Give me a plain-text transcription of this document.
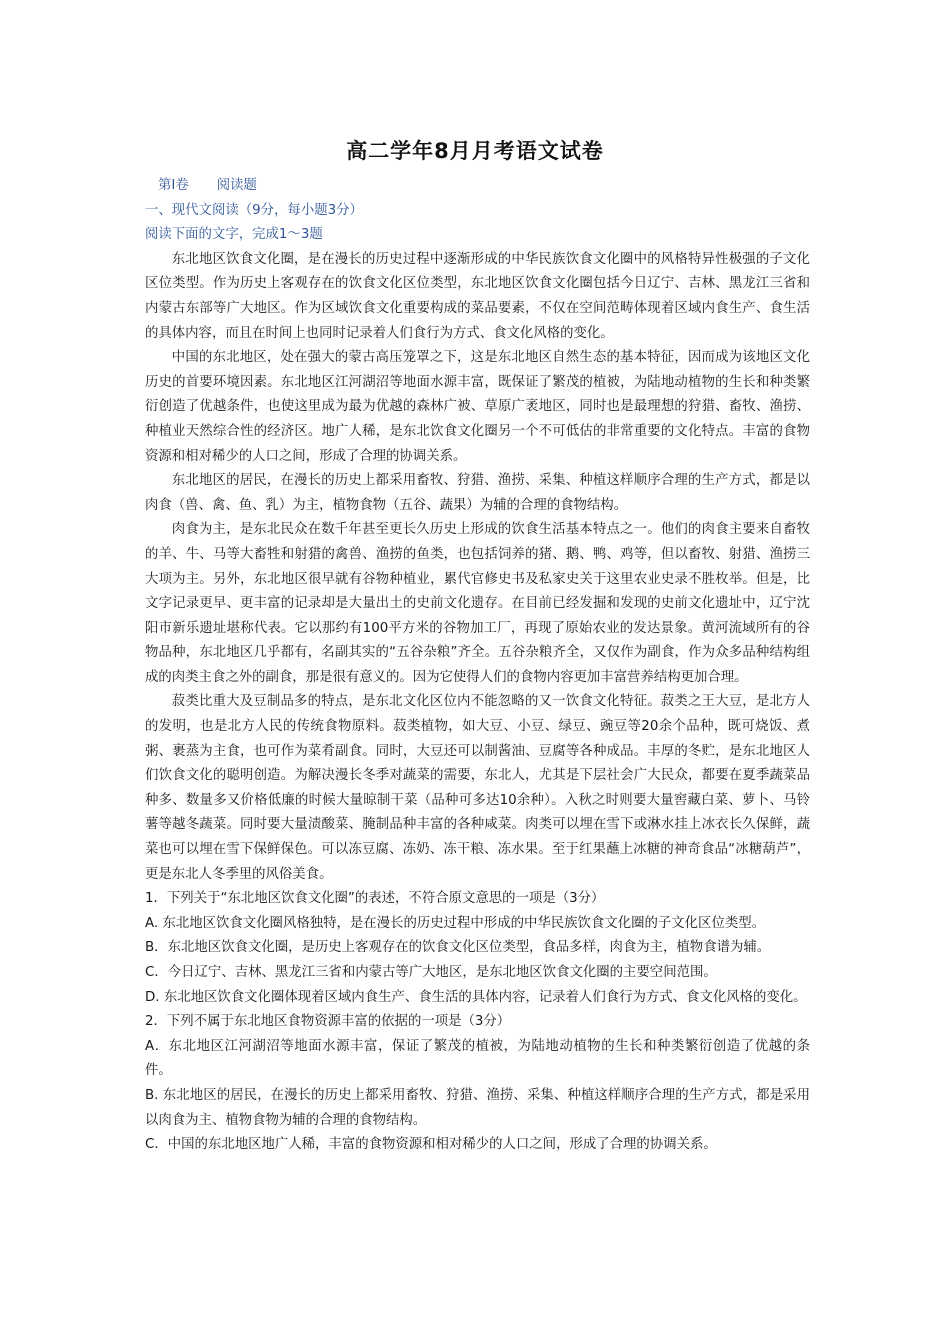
高二学年8月月考语文试卷

第Ⅰ卷 阅读题

一、现代文阅读（9分，每小题3分）

阅读下面的文字，完成1～3题

东北地区饮食文化圈，是在漫长的历史过程中逐渐形成的中华民族饮食文化圈中的风格特异性极强的子文化区位类型。作为历史上客观存在的饮食文化区位类型，东北地区饮食文化圈包括今日辽宁、吉林、黑龙江三省和内蒙古东部等广大地区。作为区域饮食文化重要构成的菜品要素，不仅在空间范畴体现着区域内食生产、食生活的具体内容，而且在时间上也同时记录着人们食行为方式、食文化风格的变化。

中国的东北地区，处在强大的蒙古高压笼罩之下，这是东北地区自然生态的基本特征，因而成为该地区文化历史的首要环境因素。东北地区江河湖沼等地面水源丰富，既保证了繁茂的植被，为陆地动植物的生长和种类繁衍创造了优越条件，也使这里成为最为优越的森林广被、草原广袤地区，同时也是最理想的狩猎、畜牧、渔捞、种植业天然综合性的经济区。地广人稀，是东北饮食文化圈另一个不可低估的非常重要的文化特点。丰富的食物资源和相对稀少的人口之间，形成了合理的协调关系。

东北地区的居民，在漫长的历史上都采用畜牧、狩猎、渔捞、采集、种植这样顺序合理的生产方式，都是以肉食（兽、禽、鱼、乳）为主，植物食物（五谷、蔬果）为辅的合理的食物结构。

肉食为主，是东北民众在数千年甚至更长久历史上形成的饮食生活基本特点之一。他们的肉食主要来自畜牧的羊、牛、马等大畜牲和射猎的禽兽、渔捞的鱼类，也包括饲养的猪、鹅、鸭、鸡等，但以畜牧、射猎、渔捞三大项为主。另外，东北地区很早就有谷物种植业，累代官修史书及私家史关于这里农业史录不胜枚举。但是，比文字记录更早、更丰富的记录却是大量出土的史前文化遗存。在目前已经发掘和发现的史前文化遗址中，辽宁沈阳市新乐遗址堪称代表。它以那约有100平方米的谷物加工厂，再现了原始农业的发达景象。黄河流域所有的谷物品种，东北地区几乎都有，名副其实的“五谷杂粮”齐全。五谷杂粮齐全，又仅作为副食，作为众多品种结构组成的肉类主食之外的副食，那是很有意义的。因为它使得人们的食物内容更加丰富营养结构更加合理。

菽类比重大及豆制品多的特点，是东北文化区位内不能忽略的又一饮食文化特征。菽类之王大豆，是北方人的发明，也是北方人民的传统食物原料。菽类植物，如大豆、小豆、绿豆、豌豆等20余个品种，既可烧饭、煮粥、裹蒸为主食，也可作为菜肴副食。同时，大豆还可以制酱油、豆腐等各种成品。丰厚的冬贮，是东北地区人们饮食文化的聪明创造。为解决漫长冬季对蔬菜的需要，东北人，尤其是下层社会广大民众，都要在夏季蔬菜品种多、数量多又价格低廉的时候大量晾制干菜（品种可多达10余种）。入秋之时则要大量窖藏白菜、萝卜、马铃薯等越冬蔬菜。同时要大量渍酸菜、腌制品种丰富的各种咸菜。肉类可以埋在雪下或淋水挂上冰衣长久保鲜，蔬菜也可以埋在雪下保鲜保色。可以冻豆腐、冻奶、冻干粮、冻水果。至于红果蘸上冰糖的神奇食品“冰糖葫芦”，更是东北人冬季里的风俗美食。

1．下列关于“东北地区饮食文化圈”的表述，不符合原文意思的一项是（3分）

A. 东北地区饮食文化圈风格独特，是在漫长的历史过程中形成的中华民族饮食文化圈的子文化区位类型。

B．东北地区饮食文化圈，是历史上客观存在的饮食文化区位类型，食品多样，肉食为主，植物食谱为辅。

C．今日辽宁、吉林、黑龙江三省和内蒙古等广大地区，是东北地区饮食文化圈的主要空间范围。

D. 东北地区饮食文化圈体现着区域内食生产、食生活的具体内容，记录着人们食行为方式、食文化风格的变化。

2．下列不属于东北地区食物资源丰富的依据的一项是（3分）

A．东北地区江河湖沼等地面水源丰富，保证了繁茂的植被，为陆地动植物的生长和种类繁衍创造了优越的条件。

B. 东北地区的居民，在漫长的历史上都采用畜牧、狩猎、渔捞、采集、种植这样顺序合理的生产方式，都是采用以肉食为主、植物食物为辅的合理的食物结构。

C．中国的东北地区地广人稀，丰富的食物资源和相对稀少的人口之间，形成了合理的协调关系。
